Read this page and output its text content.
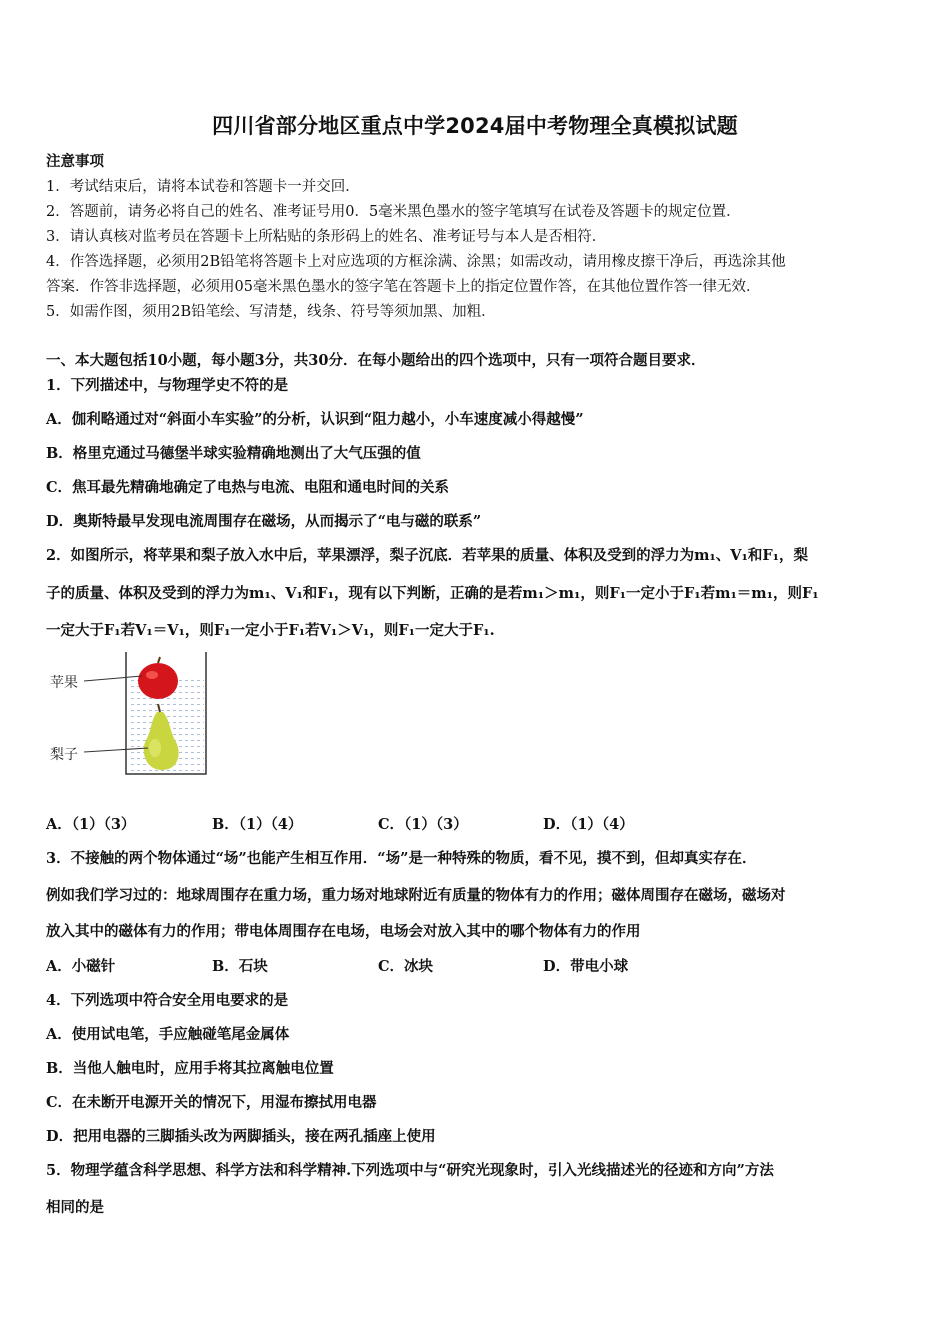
四川省部分地区重点中学2024届中考物理全真模拟试题
注意事项
1．考试结束后，请将本试卷和答题卡一并交回．
2．答题前，请务必将自己的姓名、准考证号用0．5毫米黑色墨水的签字笔填写在试卷及答题卡的规定位置．
3．请认真核对监考员在答题卡上所粘贴的条形码上的姓名、准考证号与本人是否相符．
4．作答选择题，必须用2B铅笔将答题卡上对应选项的方框涂满、涂黑；如需改动，请用橡皮擦干净后，再选涂其他
答案．作答非选择题，必须用05毫米黑色墨水的签字笔在答题卡上的指定位置作答，在其他位置作答一律无效．
5．如需作图，须用2B铅笔绘、写清楚，线条、符号等须加黑、加粗．
一、本大题包括10小题，每小题3分，共30分．在每小题给出的四个选项中，只有一项符合题目要求．
1．下列描述中，与物理学史不符的是
A．伽利略通过对“斜面小车实验”的分析，认识到“阻力越小，小车速度减小得越慢”
B．格里克通过马德堡半球实验精确地测出了大气压强的值
C．焦耳最先精确地确定了电热与电流、电阻和通电时间的关系
D．奥斯特最早发现电流周围存在磁场，从而揭示了“电与磁的联系”
2．如图所示，将苹果和梨子放入水中后，苹果漂浮，梨子沉底．若苹果的质量、体积及受到的浮力为m₁、V₁和F₁，梨
子的质量、体积及受到的浮力为m₁、V₁和F₁，现有以下判断，正确的是若m₁＞m₁，则F₁一定小于F₁若m₁＝m₁，则F₁
一定大于F₁若V₁＝V₁，则F₁一定小于F₁若V₁＞V₁，则F₁一定大于F₁.
苹果
梨子
A．（1）（3）	B．（1）（4）	C．（1）（3）	D．（1）（4）
3．不接触的两个物体通过“场”也能产生相互作用．“场”是一种特殊的物质，看不见，摸不到，但却真实存在．
例如我们学习过的：地球周围存在重力场，重力场对地球附近有质量的物体有力的作用；磁体周围存在磁场，磁场对
放入其中的磁体有力的作用；带电体周围存在电场，电场会对放入其中的哪个物体有力的作用
A．小磁针	B．石块	C．冰块	D．带电小球
4．下列选项中符合安全用电要求的是
A．使用试电笔，手应触碰笔尾金属体
B．当他人触电时，应用手将其拉离触电位置
C．在未断开电源开关的情况下，用湿布擦拭用电器
D．把用电器的三脚插头改为两脚插头，接在两孔插座上使用
5．物理学蕴含科学思想、科学方法和科学精神.下列选项中与“研究光现象时，引入光线描述光的径迹和方向”方法
相同的是
